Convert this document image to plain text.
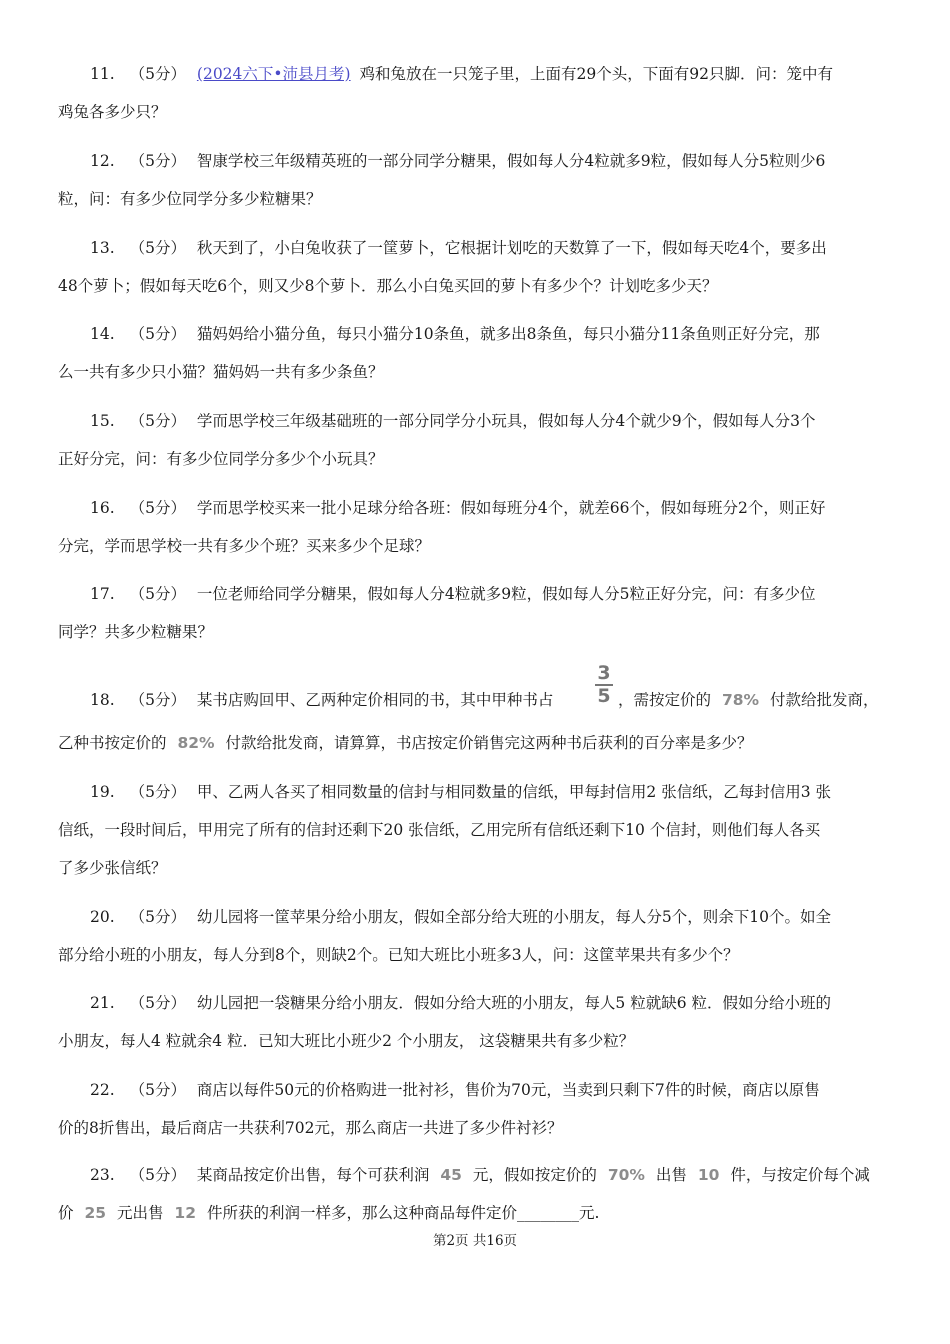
11. （5分） (2024六下•沛县月考) 鸡和兔放在一只笼子里，上面有29个头，下面有92只脚．问：笼中有
鸡兔各多少只？
12. （5分） 智康学校三年级精英班的一部分同学分糖果，假如每人分4粒就多9粒，假如每人分5粒则少6
粒，问：有多少位同学分多少粒糖果？
13. （5分） 秋天到了，小白兔收获了一筐萝卜，它根据计划吃的天数算了一下，假如每天吃4个，要多出
48个萝卜；假如每天吃6个，则又少8个萝卜．那么小白兔买回的萝卜有多少个？计划吃多少天？
14. （5分） 猫妈妈给小猫分鱼，每只小猫分10条鱼，就多出8条鱼，每只小猫分11条鱼则正好分完，那
么一共有多少只小猫？猫妈妈一共有多少条鱼？
15. （5分） 学而思学校三年级基础班的一部分同学分小玩具，假如每人分4个就少9个，假如每人分3个
正好分完，问：有多少位同学分多少个小玩具？
16. （5分） 学而思学校买来一批小足球分给各班：假如每班分4个，就差66个，假如每班分2个，则正好
分完，学而思学校一共有多少个班？买来多少个足球？
17. （5分） 一位老师给同学分糖果，假如每人分4粒就多9粒，假如每人分5粒正好分完，问：有多少位
同学？共多少粒糖果？
18. （5分） 某书店购回甲、乙两种定价相同的书，其中甲种书占
3
5 ，需按定价的 78% 付款给批发商，
乙种书按定价的 82% 付款给批发商，请算算，书店按定价销售完这两种书后获利的百分率是多少？
19. （5分） 甲、乙两人各买了相同数量的信封与相同数量的信纸，甲每封信用2 张信纸，乙每封信用3 张
信纸，一段时间后，甲用完了所有的信封还剩下20 张信纸，乙用完所有信纸还剩下10 个信封，则他们每人各买
了多少张信纸？
20. （5分） 幼儿园将一筐苹果分给小朋友，假如全部分给大班的小朋友，每人分5个，则余下10个。如全
部分给小班的小朋友，每人分到8个，则缺2个。已知大班比小班多3人，问：这筐苹果共有多少个？
21. （5分） 幼儿园把一袋糖果分给小朋友．假如分给大班的小朋友，每人5 粒就缺6 粒．假如分给小班的
小朋友，每人4 粒就余4 粒．已知大班比小班少2 个小朋友， 这袋糖果共有多少粒？
22. （5分） 商店以每件50元的价格购进一批衬衫，售价为70元，当卖到只剩下7件的时候，商店以原售
价的8折售出，最后商店一共获利702元，那么商店一共进了多少件衬衫？
23. （5分） 某商品按定价出售，每个可获利润 45 元，假如按定价的 70% 出售 10 件，与按定价每个减
价 25 元出售 12 件所获的利润一样多，那么这种商品每件定价________元.
第2页 共16页
